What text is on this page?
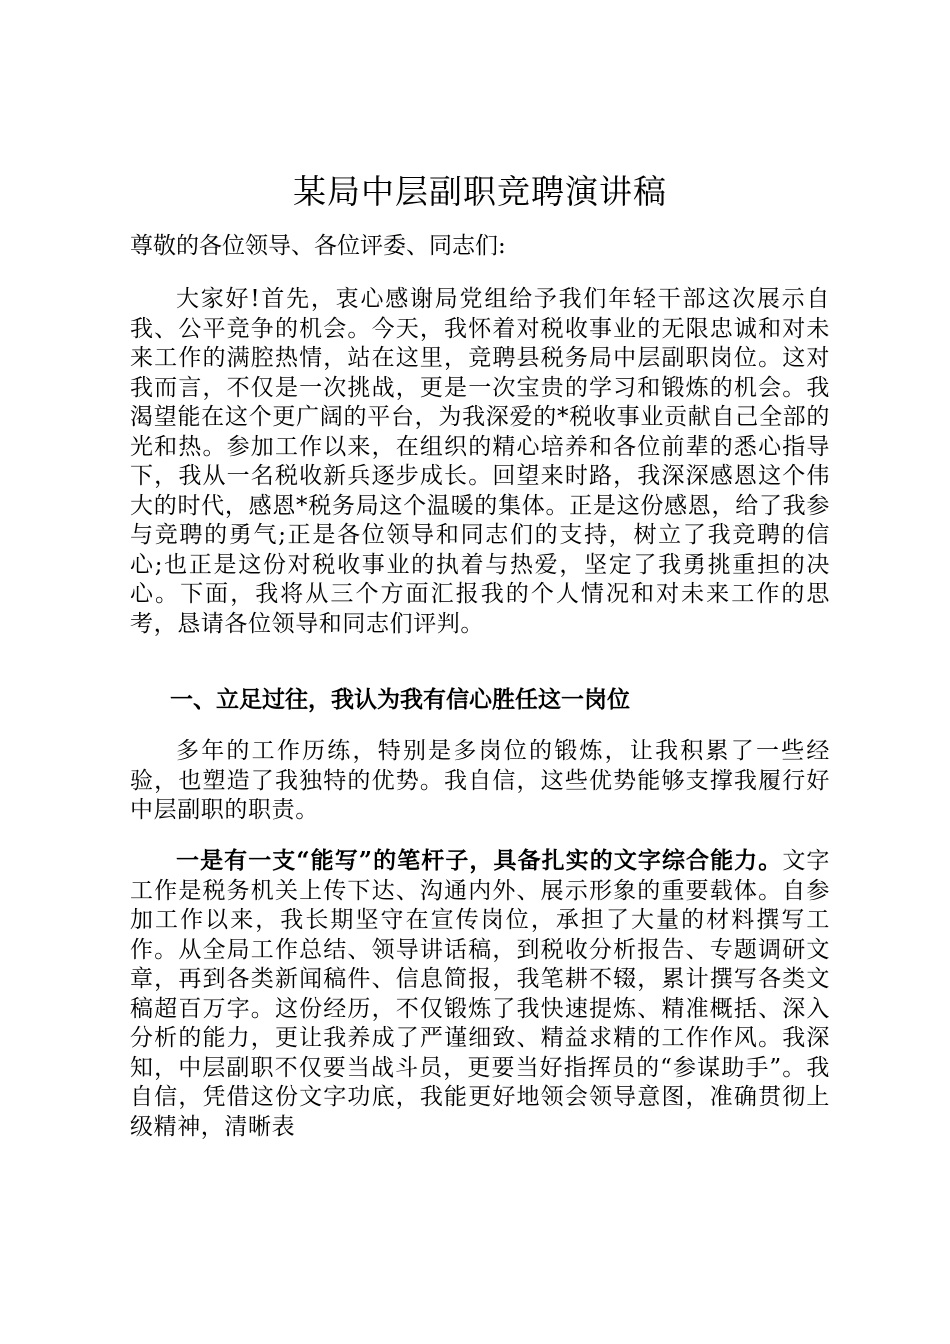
某局中层副职竞聘演讲稿

尊敬的各位领导、各位评委、同志们:

大家好!首先，衷心感谢局党组给予我们年轻干部这次展示自我、公平竞争的机会。今天，我怀着对税收事业的无限忠诚和对未来工作的满腔热情，站在这里，竞聘县税务局中层副职岗位。这对我而言，不仅是一次挑战，更是一次宝贵的学习和锻炼的机会。我渴望能在这个更广阔的平台，为我深爱的*税收事业贡献自己全部的光和热。参加工作以来，在组织的精心培养和各位前辈的悉心指导下，我从一名税收新兵逐步成长。回望来时路，我深深感恩这个伟大的时代，感恩*税务局这个温暖的集体。正是这份感恩，给了我参与竞聘的勇气;正是各位领导和同志们的支持，树立了我竞聘的信心;也正是这份对税收事业的执着与热爱，坚定了我勇挑重担的决心。下面，我将从三个方面汇报我的个人情况和对未来工作的思考，恳请各位领导和同志们评判。

一、立足过往，我认为我有信心胜任这一岗位

多年的工作历练，特别是多岗位的锻炼，让我积累了一些经验，也塑造了我独特的优势。我自信，这些优势能够支撑我履行好中层副职的职责。

一是有一支“能写”的笔杆子，具备扎实的文字综合能力。文字工作是税务机关上传下达、沟通内外、展示形象的重要载体。自参加工作以来，我长期坚守在宣传岗位，承担了大量的材料撰写工作。从全局工作总结、领导讲话稿，到税收分析报告、专题调研文章，再到各类新闻稿件、信息简报，我笔耕不辍，累计撰写各类文稿超百万字。这份经历，不仅锻炼了我快速提炼、精准概括、深入分析的能力，更让我养成了严谨细致、精益求精的工作作风。我深知，中层副职不仅要当战斗员，更要当好指挥员的“参谋助手”。我自信，凭借这份文字功底，我能更好地领会领导意图，准确贯彻上级精神，清晰表
